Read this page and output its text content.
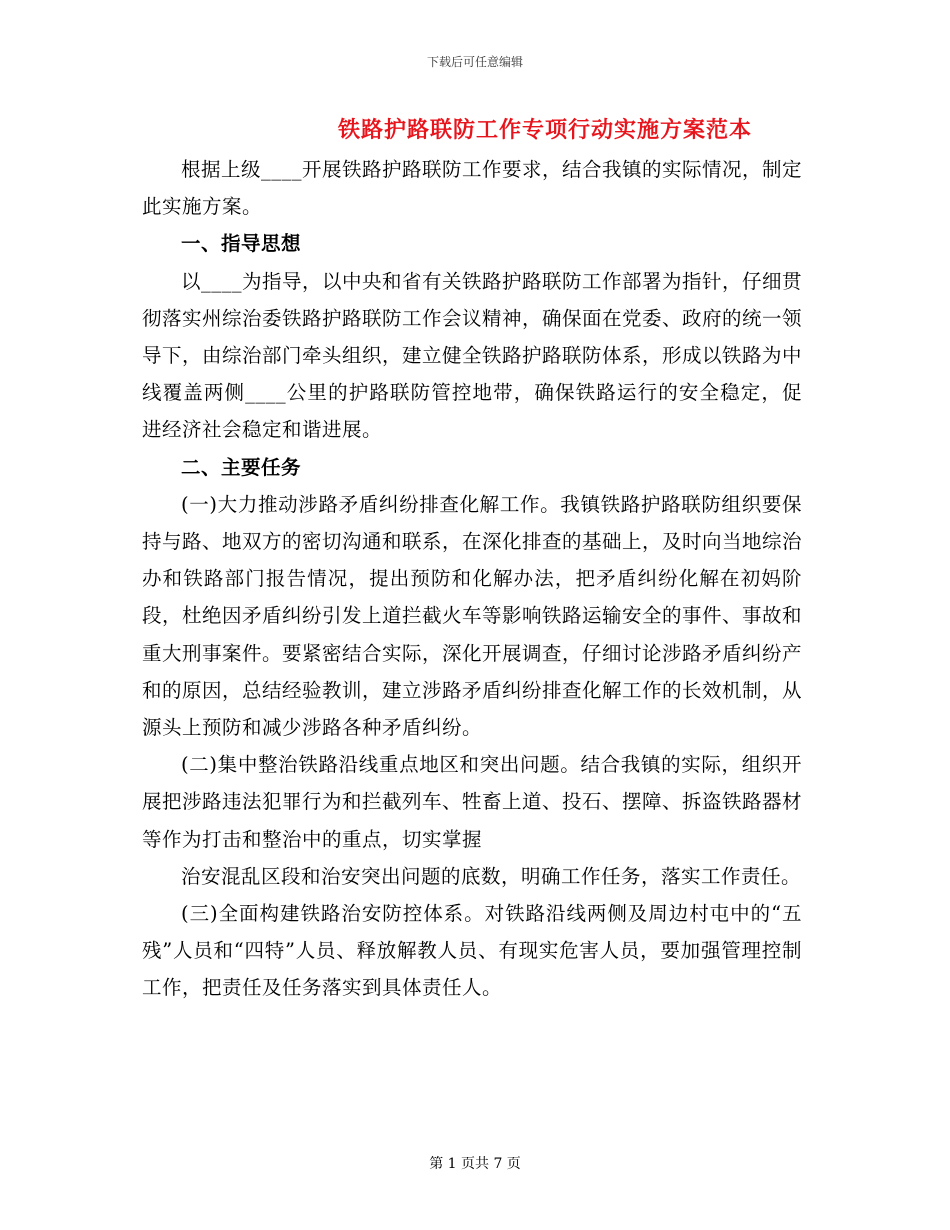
下载后可任意编辑
铁路护路联防工作专项行动实施方案范本

根据上级____开展铁路护路联防工作要求，结合我镇的实际情况，制定此实施方案。

一、指导思想

以____为指导，以中央和省有关铁路护路联防工作部署为指针，仔细贯彻落实州综治委铁路护路联防工作会议精神，确保面在党委、政府的统一领导下，由综治部门牵头组织，建立健全铁路护路联防体系，形成以铁路为中线覆盖两侧____公里的护路联防管控地带，确保铁路运行的安全稳定，促进经济社会稳定和谐进展。

二、主要任务

(一)大力推动涉路矛盾纠纷排查化解工作。我镇铁路护路联防组织要保持与路、地双方的密切沟通和联系，在深化排查的基础上，及时向当地综治办和铁路部门报告情况，提出预防和化解办法，把矛盾纠纷化解在初妈阶段，杜绝因矛盾纠纷引发上道拦截火车等影响铁路运输安全的事件、事故和重大刑事案件。要紧密结合实际，深化开展调查，仔细讨论涉路矛盾纠纷产和的原因，总结经验教训，建立涉路矛盾纠纷排查化解工作的长效机制，从源头上预防和减少涉路各种矛盾纠纷。

(二)集中整治铁路沿线重点地区和突出问题。结合我镇的实际，组织开展把涉路违法犯罪行为和拦截列车、牲畜上道、投石、摆障、拆盗铁路器材等作为打击和整治中的重点，切实掌握

治安混乱区段和治安突出问题的底数，明确工作任务，落实工作责任。

(三)全面构建铁路治安防控体系。对铁路沿线两侧及周边村屯中的“五残”人员和“四特”人员、释放解教人员、有现实危害人员，要加强管理控制工作，把责任及任务落实到具体责任人。

第 1 页共 7 页
